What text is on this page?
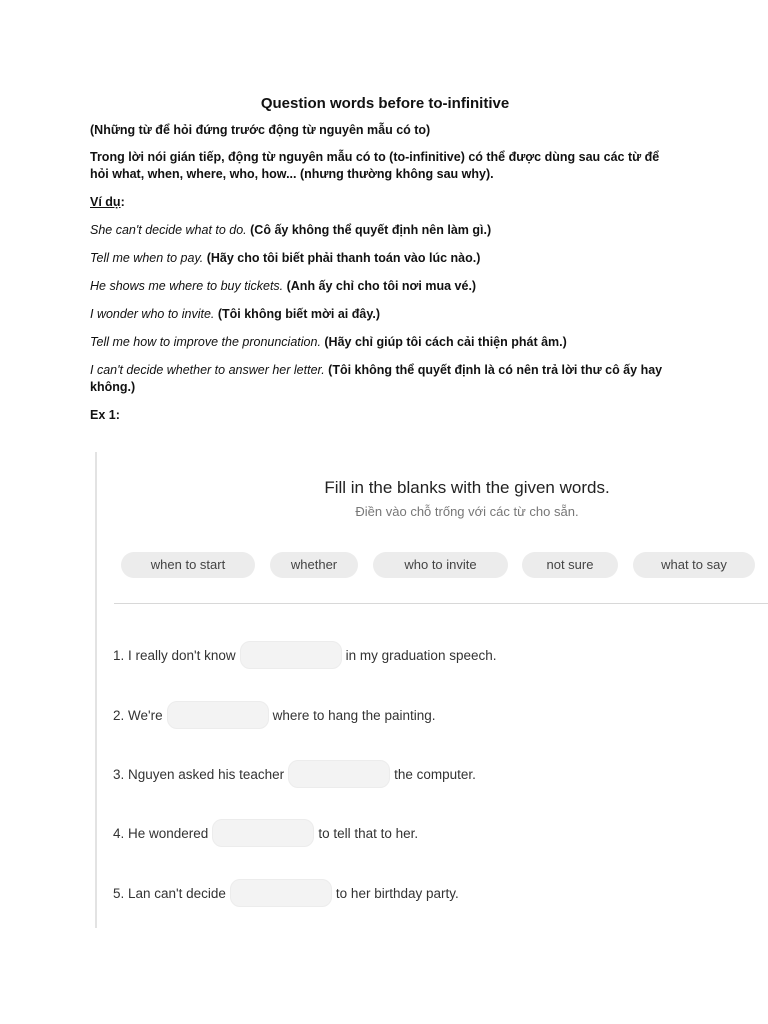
Question words before to-infinitive
(Những từ để hỏi đứng trước động từ nguyên mẫu có to)
Trong lời nói gián tiếp, động từ nguyên mẫu có to (to-infinitive) có thể được dùng sau các từ để hỏi what, when, where, who, how... (nhưng thường không sau why).
Ví dụ:
She can't decide what to do. (Cô ấy không thể quyết định nên làm gì.)
Tell me when to pay. (Hãy cho tôi biết phải thanh toán vào lúc nào.)
He shows me where to buy tickets. (Anh ấy chỉ cho tôi nơi mua vé.)
I wonder who to invite. (Tôi không biết mời ai đây.)
Tell me how to improve the pronunciation. (Hãy chỉ giúp tôi cách cải thiện phát âm.)
I can't decide whether to answer her letter. (Tôi không thể quyết định là có nên trả lời thư cô ấy hay không.)
Ex 1:
Fill in the blanks with the given words.
Điền vào chỗ trống với các từ cho sẵn.
when to start	whether	who to invite	not sure	what to say
1. I really don't know	in my graduation speech.
2. We're	where to hang the painting.
3. Nguyen asked his teacher	the computer.
4. He wondered	to tell that to her.
5. Lan can't decide	to her birthday party.
